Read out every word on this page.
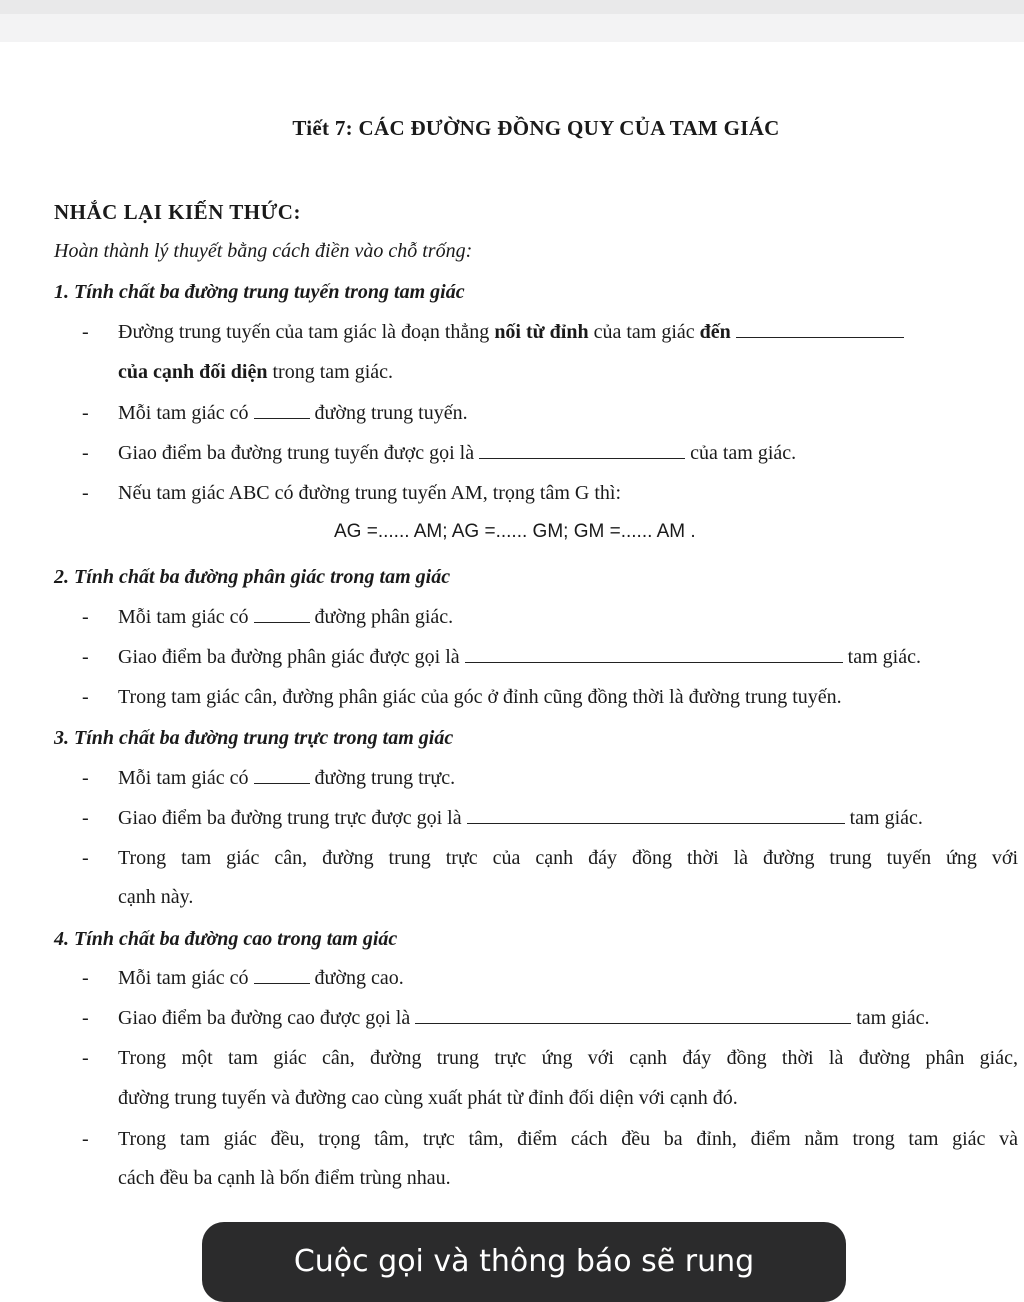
Tiết 7: CÁC ĐƯỜNG ĐỒNG QUY CỦA TAM GIÁC
NHẮC LẠI KIẾN THỨC:
Hoàn thành lý thuyết bằng cách điền vào chỗ trống:
1. Tính chất ba đường trung tuyến trong tam giác
- Đường trung tuyến của tam giác là đoạn thẳng nối từ đỉnh của tam giác đến
của cạnh đối diện trong tam giác.
- Mỗi tam giác có	đường trung tuyến.
- Giao điểm ba đường trung tuyến được gọi là	của tam giác.
- Nếu tam giác ABC có đường trung tuyến AM, trọng tâm G thì:
AG =...... AM; AG =...... GM; GM =...... AM .
2. Tính chất ba đường phân giác trong tam giác
- Mỗi tam giác có	đường phân giác.
- Giao điểm ba đường phân giác được gọi là	tam giác.
- Trong tam giác cân, đường phân giác của góc ở đỉnh cũng đồng thời là đường trung tuyến.
3. Tính chất ba đường trung trực trong tam giác
- Mỗi tam giác có	đường trung trực.
- Giao điểm ba đường trung trực được gọi là	tam giác.
- Trong tam giác cân, đường trung trực của cạnh đáy đồng thời là đường trung tuyến ứng với
cạnh này.
4. Tính chất ba đường cao trong tam giác
- Mỗi tam giác có	đường cao.
- Giao điểm ba đường cao được gọi là	tam giác.
- Trong một tam giác cân, đường trung trực ứng với cạnh đáy đồng thời là đường phân giác,
đường trung tuyến và đường cao cùng xuất phát từ đỉnh đối diện với cạnh đó.
- Trong tam giác đều, trọng tâm, trực tâm, điểm cách đều ba đỉnh, điểm nằm trong tam giác và
cách đều ba cạnh là bốn điểm trùng nhau.
Cuộc gọi và thông báo sẽ rung
